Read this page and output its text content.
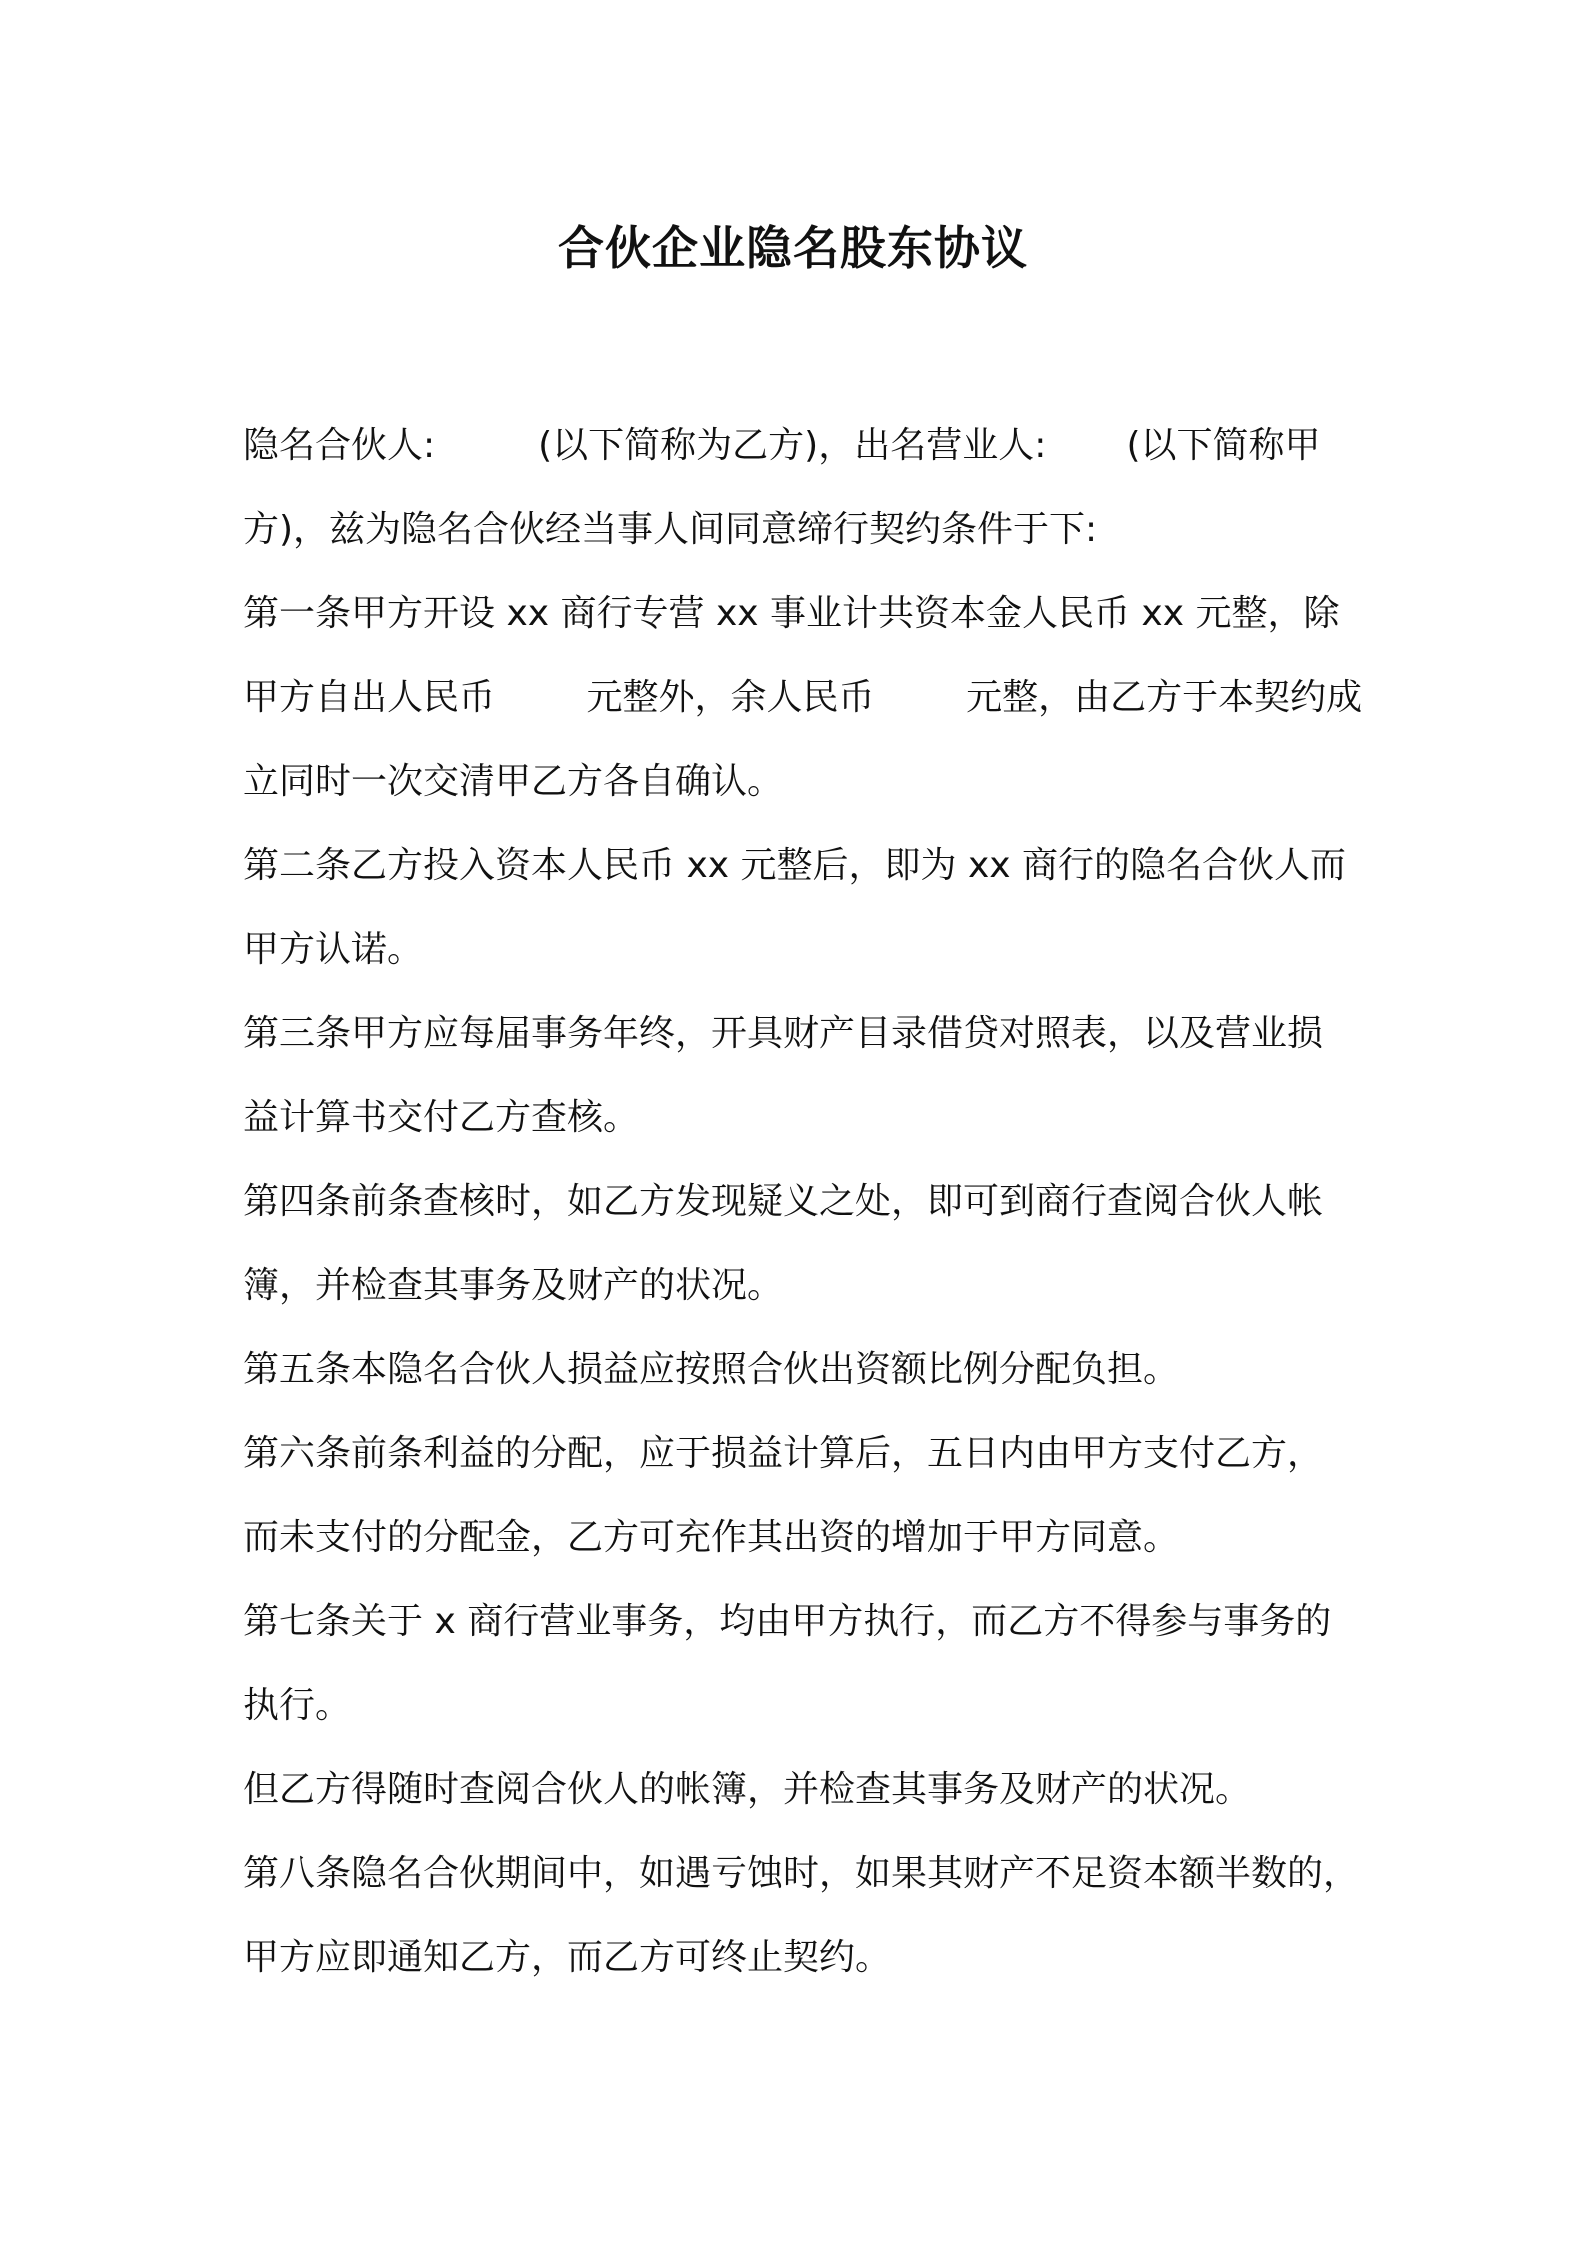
合伙企业隐名股东协议
隐名合伙人:         (以下简称为乙方)，出名营业人:       (以下简称甲
方)，兹为隐名合伙经当事人间同意缔行契约条件于下:
第一条甲方开设 xx 商行专营 xx 事业计共资本金人民币 xx 元整，除
甲方自出人民币        元整外，余人民币        元整，由乙方于本契约成
立同时一次交清甲乙方各自确认。
第二条乙方投入资本人民币 xx 元整后，即为 xx 商行的隐名合伙人而
甲方认诺。
第三条甲方应每届事务年终，开具财产目录借贷对照表，以及营业损
益计算书交付乙方查核。
第四条前条查核时，如乙方发现疑义之处，即可到商行查阅合伙人帐
簿，并检查其事务及财产的状况。
第五条本隐名合伙人损益应按照合伙出资额比例分配负担。
第六条前条利益的分配，应于损益计算后，五日内由甲方支付乙方，
而未支付的分配金，乙方可充作其出资的增加于甲方同意。
第七条关于 x 商行营业事务，均由甲方执行，而乙方不得参与事务的
执行。
但乙方得随时查阅合伙人的帐簿，并检查其事务及财产的状况。
第八条隐名合伙期间中，如遇亏蚀时，如果其财产不足资本额半数的，
甲方应即通知乙方，而乙方可终止契约。
